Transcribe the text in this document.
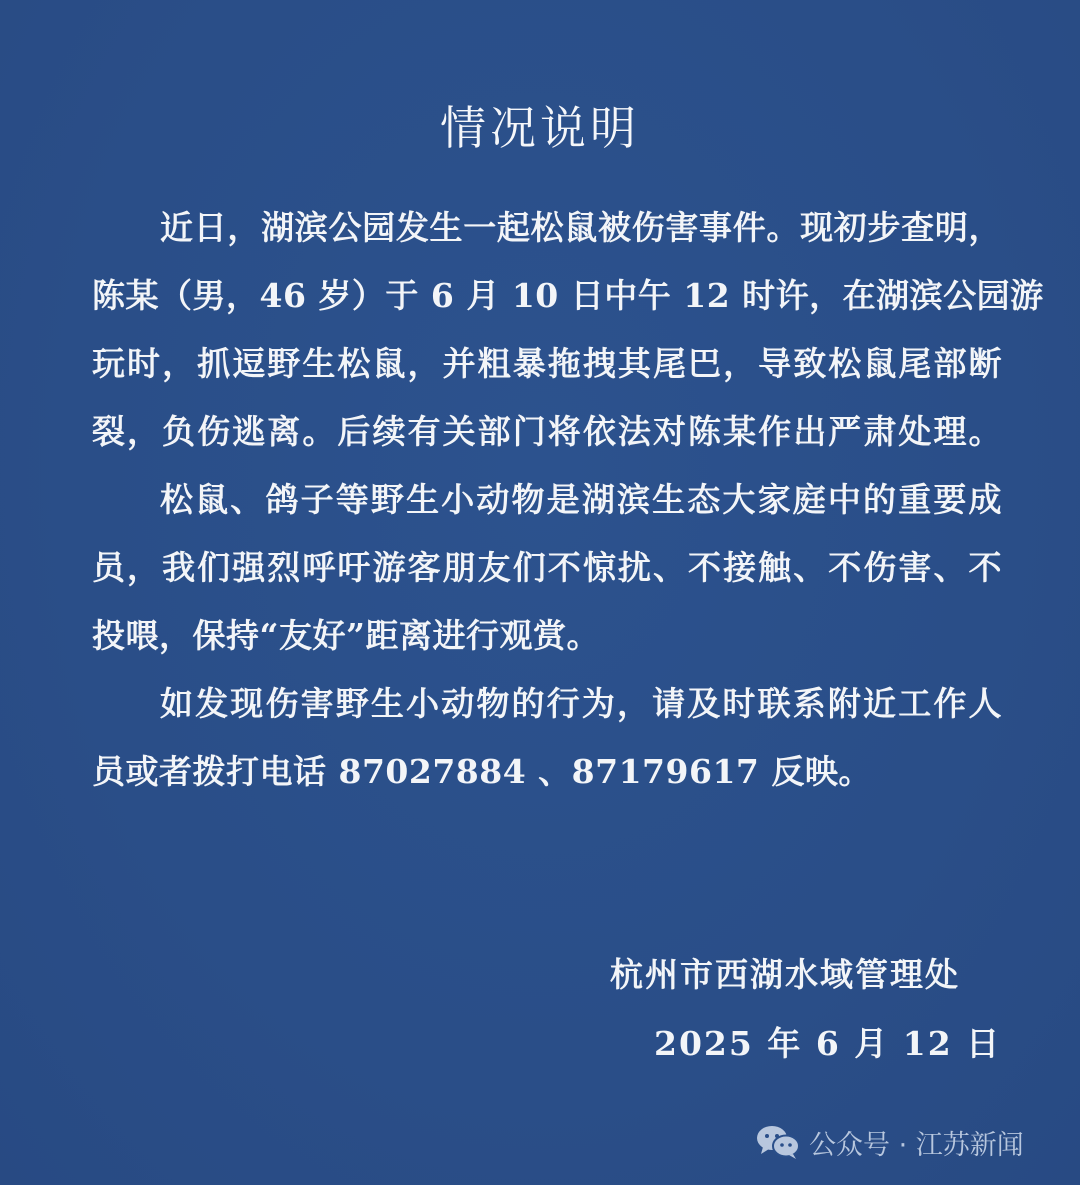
情况说明
近日，湖滨公园发生一起松鼠被伤害事件。现初步查明，
陈某（男，46 岁）于 6 月 10 日中午 12 时许，在湖滨公园游
玩时，抓逗野生松鼠，并粗暴拖拽其尾巴，导致松鼠尾部断
裂，负伤逃离。后续有关部门将依法对陈某作出严肃处理。
松鼠、鸽子等野生小动物是湖滨生态大家庭中的重要成
员，我们强烈呼吁游客朋友们不惊扰、不接触、不伤害、不
投喂，保持“友好”距离进行观赏。
如发现伤害野生小动物的行为，请及时联系附近工作人
员或者拨打电话 87027884 、87179617 反映。
杭州市西湖水域管理处
2025 年 6 月 12 日
公众号 · 江苏新闻
